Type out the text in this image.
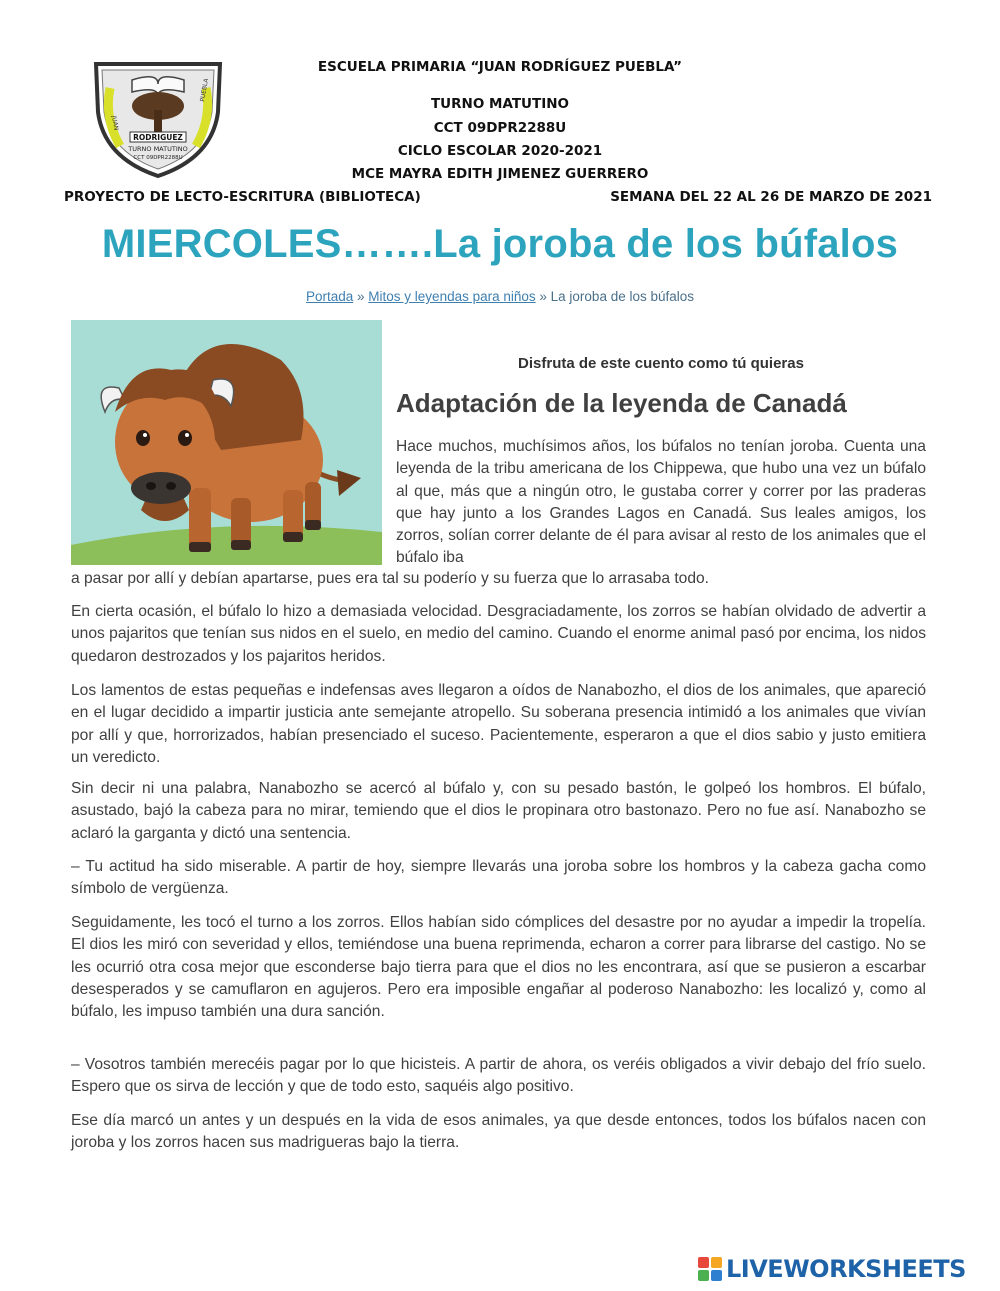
JUAN
PUEBLA
RODRIGUEZ
TURNO MATUTINO
CCT 09DPR2288U
ESCUELA PRIMARIA “JUAN RODRÍGUEZ PUEBLA”
TURNO MATUTINO
CCT 09DPR2288U
CICLO ESCOLAR 2020-2021
MCE MAYRA EDITH JIMENEZ GUERRERO
PROYECTO DE LECTO-ESCRITURA (BIBLIOTECA)	SEMANA DEL 22 AL 26 DE MARZO DE 2021
MIERCOLES…….La joroba de los búfalos
Portada » Mitos y leyendas para niños » La joroba de los búfalos
Disfruta de este cuento como tú quieras
Adaptación de la leyenda de Canadá

Hace muchos, muchísimos años, los búfalos no tenían joroba. Cuenta una leyenda de la tribu americana de los Chippewa, que hubo una vez un búfalo al que, más que a ningún otro, le gustaba correr y correr por las praderas que hay junto a los Grandes Lagos en Canadá. Sus leales amigos, los zorros, solían correr delante de él para avisar al resto de los animales que el búfalo iba

a pasar por allí y debían apartarse, pues era tal su poderío y su fuerza que lo arrasaba todo.

En cierta ocasión, el búfalo lo hizo a demasiada velocidad. Desgraciadamente, los zorros se habían olvidado de advertir a unos pajaritos que tenían sus nidos en el suelo, en medio del camino. Cuando el enorme animal pasó por encima, los nidos quedaron destrozados y los pajaritos heridos.

Los lamentos de estas pequeñas e indefensas aves llegaron a oídos de Nanabozho, el dios de los animales, que apareció en el lugar decidido a impartir justicia ante semejante atropello. Su soberana presencia intimidó a los animales que vivían por allí y que, horrorizados, habían presenciado el suceso. Pacientemente, esperaron a que el dios sabio y justo emitiera un veredicto.

Sin decir ni una palabra, Nanabozho se acercó al búfalo y, con su pesado bastón, le golpeó los hombros. El búfalo, asustado, bajó la cabeza para no mirar, temiendo que el dios le propinara otro bastonazo. Pero no fue así. Nanabozho se aclaró la garganta y dictó una sentencia.

– Tu actitud ha sido miserable. A partir de hoy, siempre llevarás una joroba sobre los hombros y la cabeza gacha como símbolo de vergüenza.

Seguidamente, les tocó el turno a los zorros. Ellos habían sido cómplices del desastre por no ayudar a impedir la tropelía. El dios les miró con severidad y ellos, temiéndose una buena reprimenda, echaron a correr para librarse del castigo. No se les ocurrió otra cosa mejor que esconderse bajo tierra para que el dios no les encontrara, así que se pusieron a escarbar desesperados y se camuflaron en agujeros. Pero era imposible engañar al poderoso Nanabozho: les localizó y, como al búfalo, les impuso también una dura sanción.

– Vosotros también merecéis pagar por lo que hicisteis. A partir de ahora, os veréis obligados a vivir debajo del frío suelo. Espero que os sirva de lección y que de todo esto, saquéis algo positivo.

Ese día marcó un antes y un después en la vida de esos animales, ya que desde entonces, todos los búfalos nacen con joroba y los zorros hacen sus madrigueras bajo la tierra.

LIVEWORKSHEETS
